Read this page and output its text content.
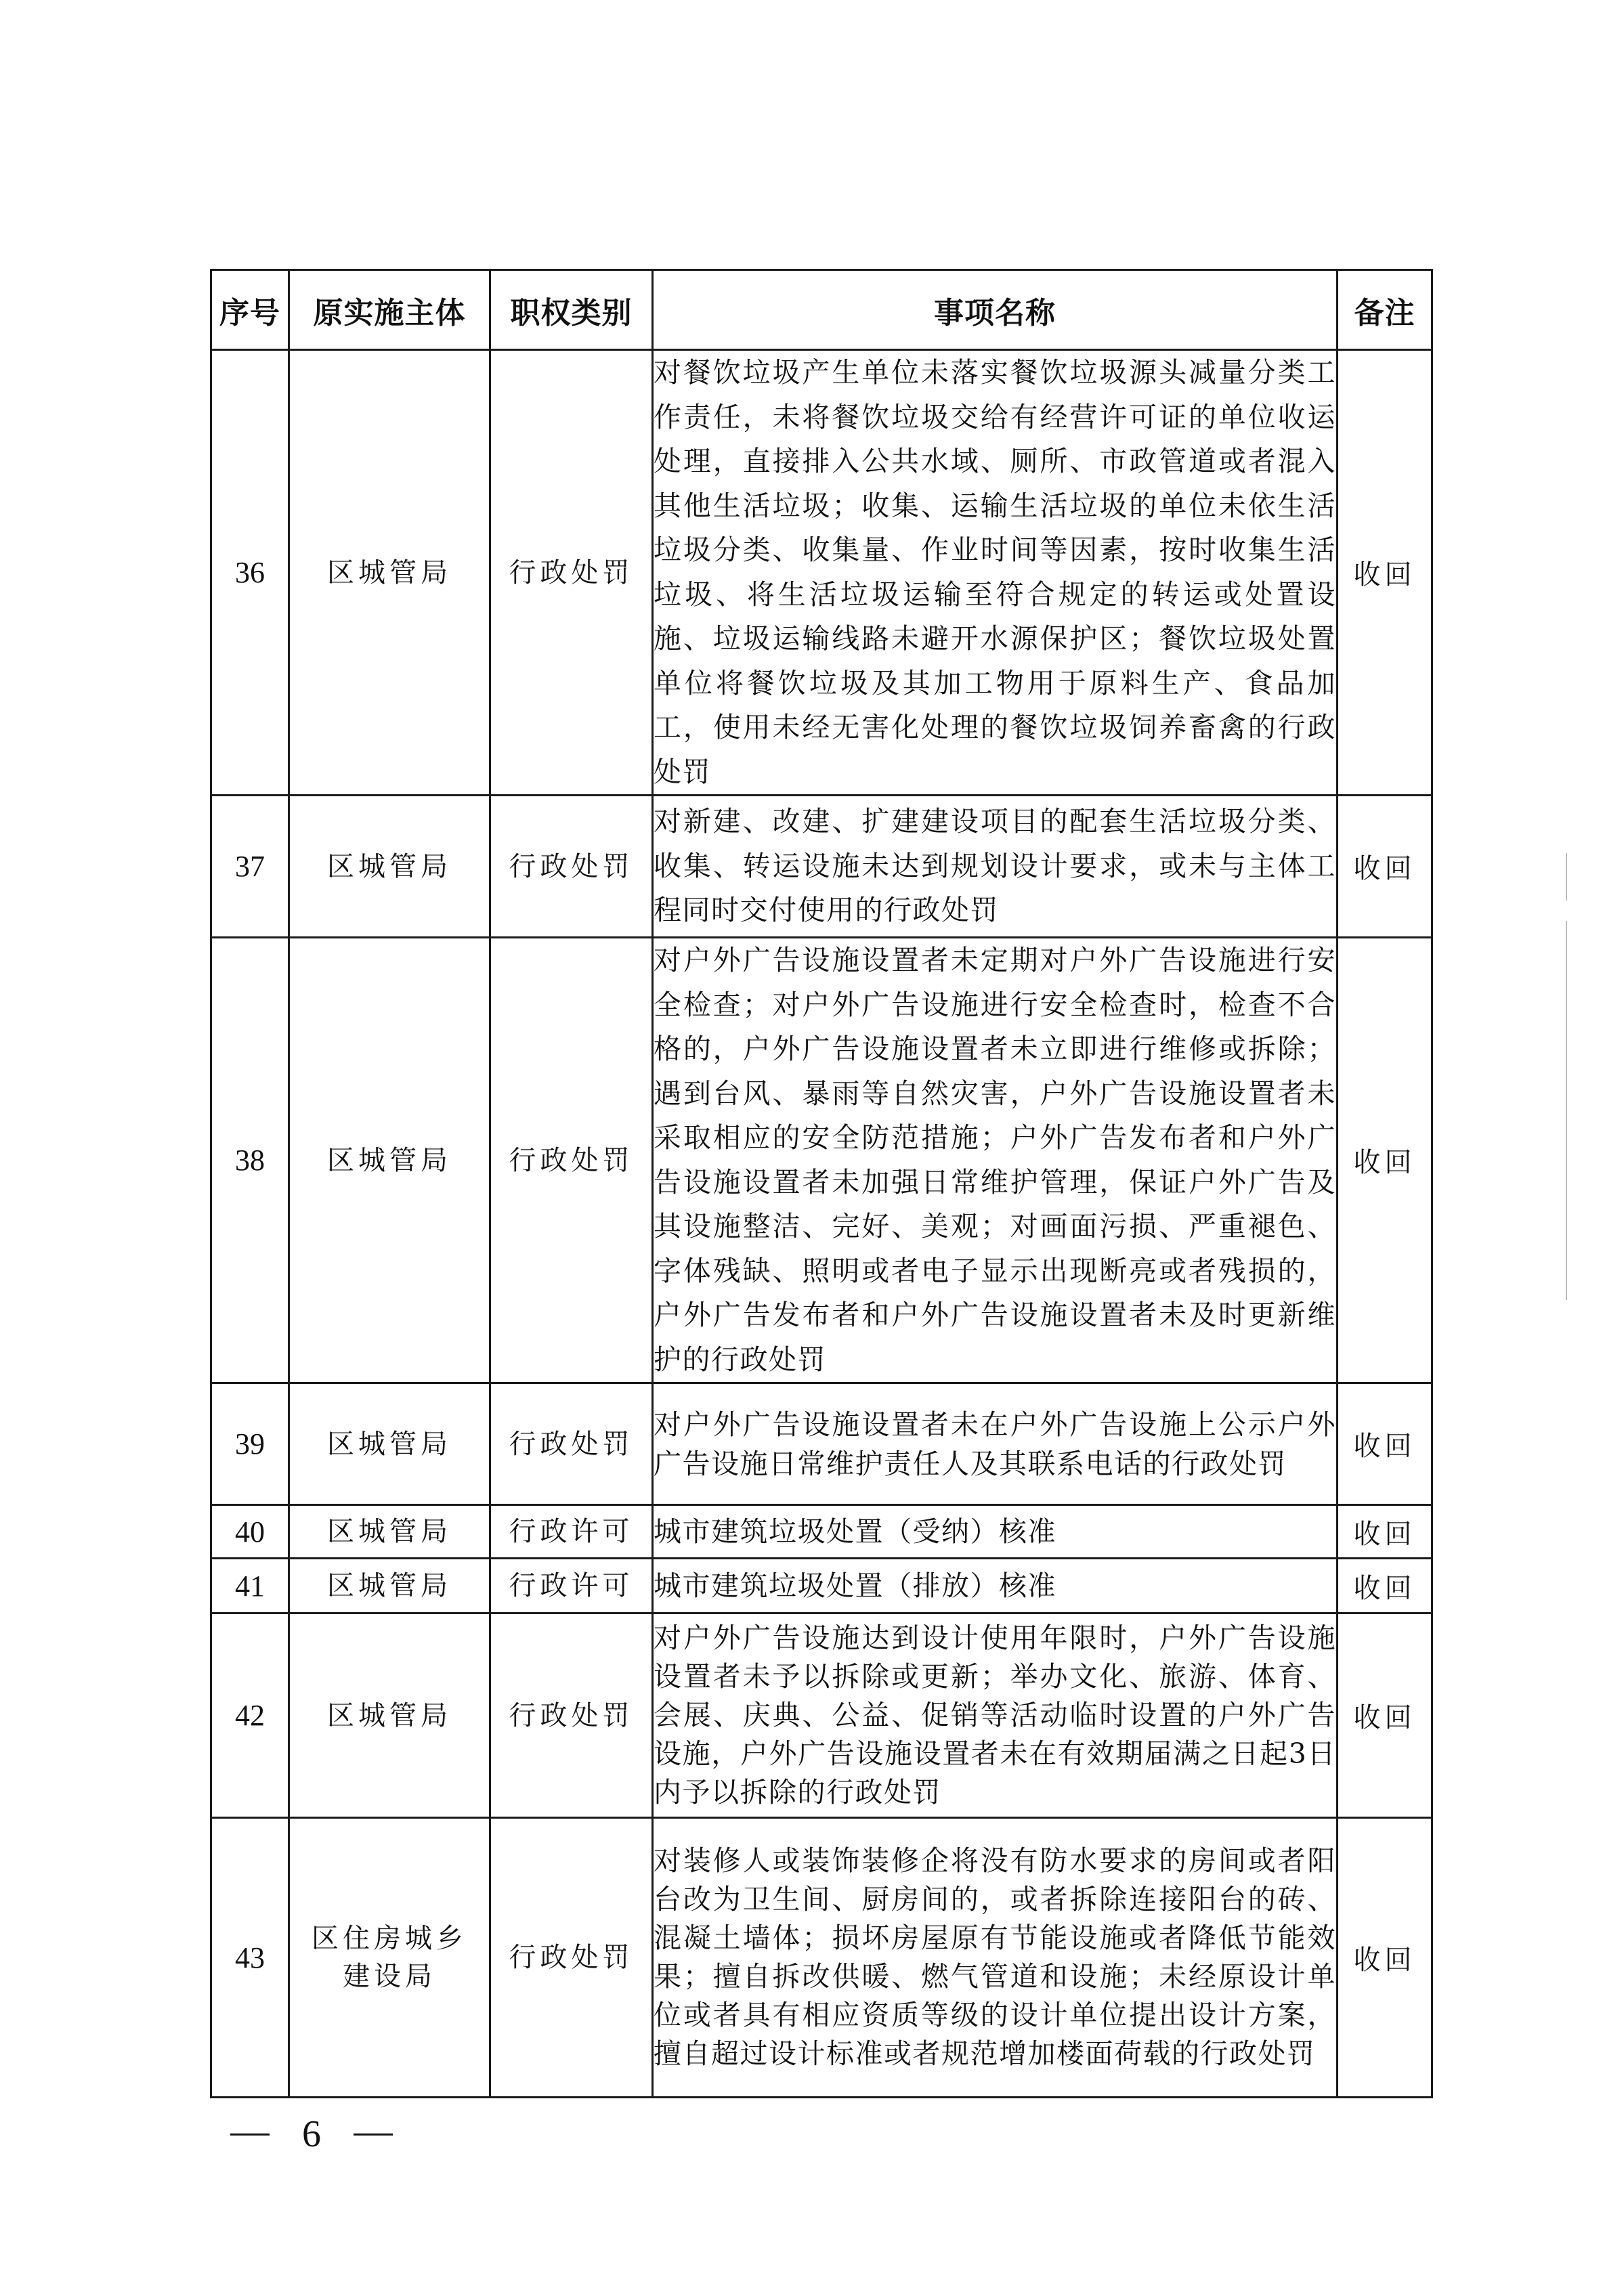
序号	原实施主体	职权类别	事项名称	备注
36	区城管局	行政处罚	对餐饮垃圾产生单位未落实餐饮垃圾源头减量分类工作责任，未将餐饮垃圾交给有经营许可证的单位收运处理，直接排入公共水域、厕所、市政管道或者混入其他生活垃圾；收集、运输生活垃圾的单位未依生活垃圾分类、收集量、作业时间等因素，按时收集生活垃圾、将生活垃圾运输至符合规定的转运或处置设施、垃圾运输线路未避开水源保护区；餐饮垃圾处置单位将餐饮垃圾及其加工物用于原料生产、食品加工，使用未经无害化处理的餐饮垃圾饲养畜禽的行政处罚	收回
37	区城管局	行政处罚	对新建、改建、扩建建设项目的配套生活垃圾分类、收集、转运设施未达到规划设计要求，或未与主体工程同时交付使用的行政处罚	收回
38	区城管局	行政处罚	对户外广告设施设置者未定期对户外广告设施进行安全检查；对户外广告设施进行安全检查时，检查不合格的，户外广告设施设置者未立即进行维修或拆除；遇到台风、暴雨等自然灾害，户外广告设施设置者未采取相应的安全防范措施；户外广告发布者和户外广告设施设置者未加强日常维护管理，保证户外广告及其设施整洁、完好、美观；对画面污损、严重褪色、字体残缺、照明或者电子显示出现断亮或者残损的，户外广告发布者和户外广告设施设置者未及时更新维护的行政处罚	收回
39	区城管局	行政处罚	对户外广告设施设置者未在户外广告设施上公示户外广告设施日常维护责任人及其联系电话的行政处罚	收回
40	区城管局	行政许可	城市建筑垃圾处置（受纳）核准	收回
41	区城管局	行政许可	城市建筑垃圾处置（排放）核准	收回
42	区城管局	行政处罚	对户外广告设施达到设计使用年限时，户外广告设施设置者未予以拆除或更新；举办文化、旅游、体育、会展、庆典、公益、促销等活动临时设置的户外广告设施，户外广告设施设置者未在有效期届满之日起3日内予以拆除的行政处罚	收回
43	区住房城乡建设局	行政处罚	对装修人或装饰装修企将没有防水要求的房间或者阳台改为卫生间、厨房间的，或者拆除连接阳台的砖、混凝土墙体；损坏房屋原有节能设施或者降低节能效果；擅自拆改供暖、燃气管道和设施；未经原设计单位或者具有相应资质等级的设计单位提出设计方案，擅自超过设计标准或者规范增加楼面荷载的行政处罚	收回
6
